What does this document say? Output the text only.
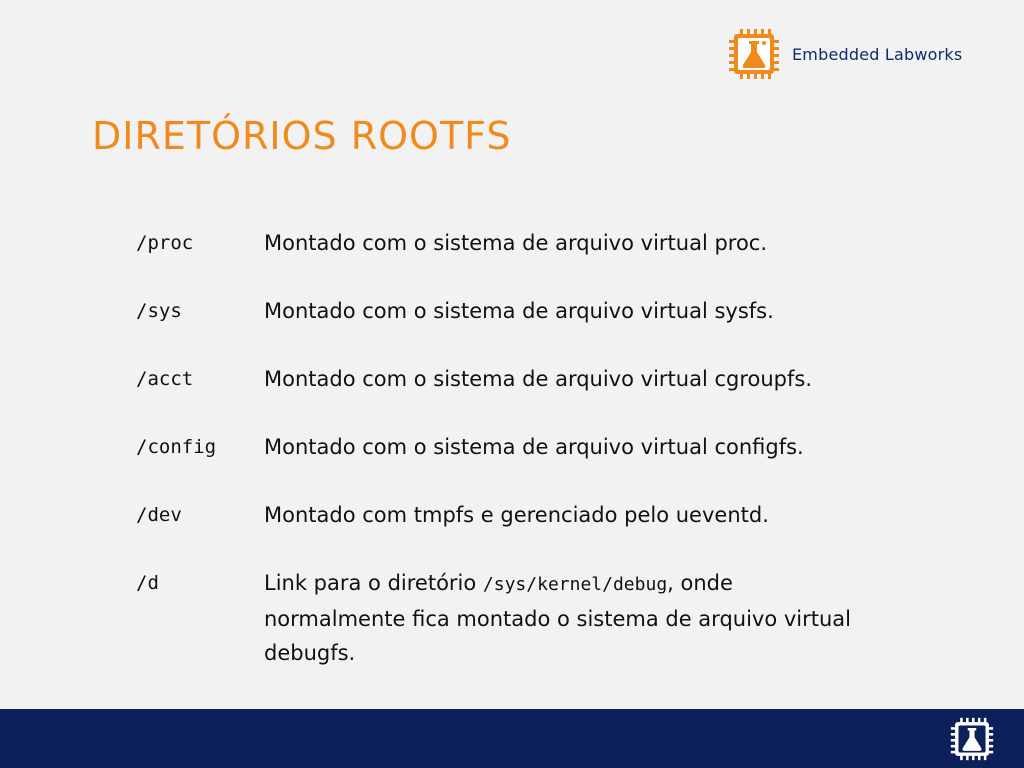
Embedded Labworks
DIRETÓRIOS ROOTFS
/proc	Montado com o sistema de arquivo virtual proc.
/sys	Montado com o sistema de arquivo virtual sysfs.
/acct	Montado com o sistema de arquivo virtual cgroupfs.
/config Montado com o sistema de arquivo virtual configfs.
/dev	Montado com tmpfs e gerenciado pelo ueventd.
/d	Link para o diretório /sys/kernel/debug, onde normalmente fica montado o sistema de arquivo virtual debugfs.
